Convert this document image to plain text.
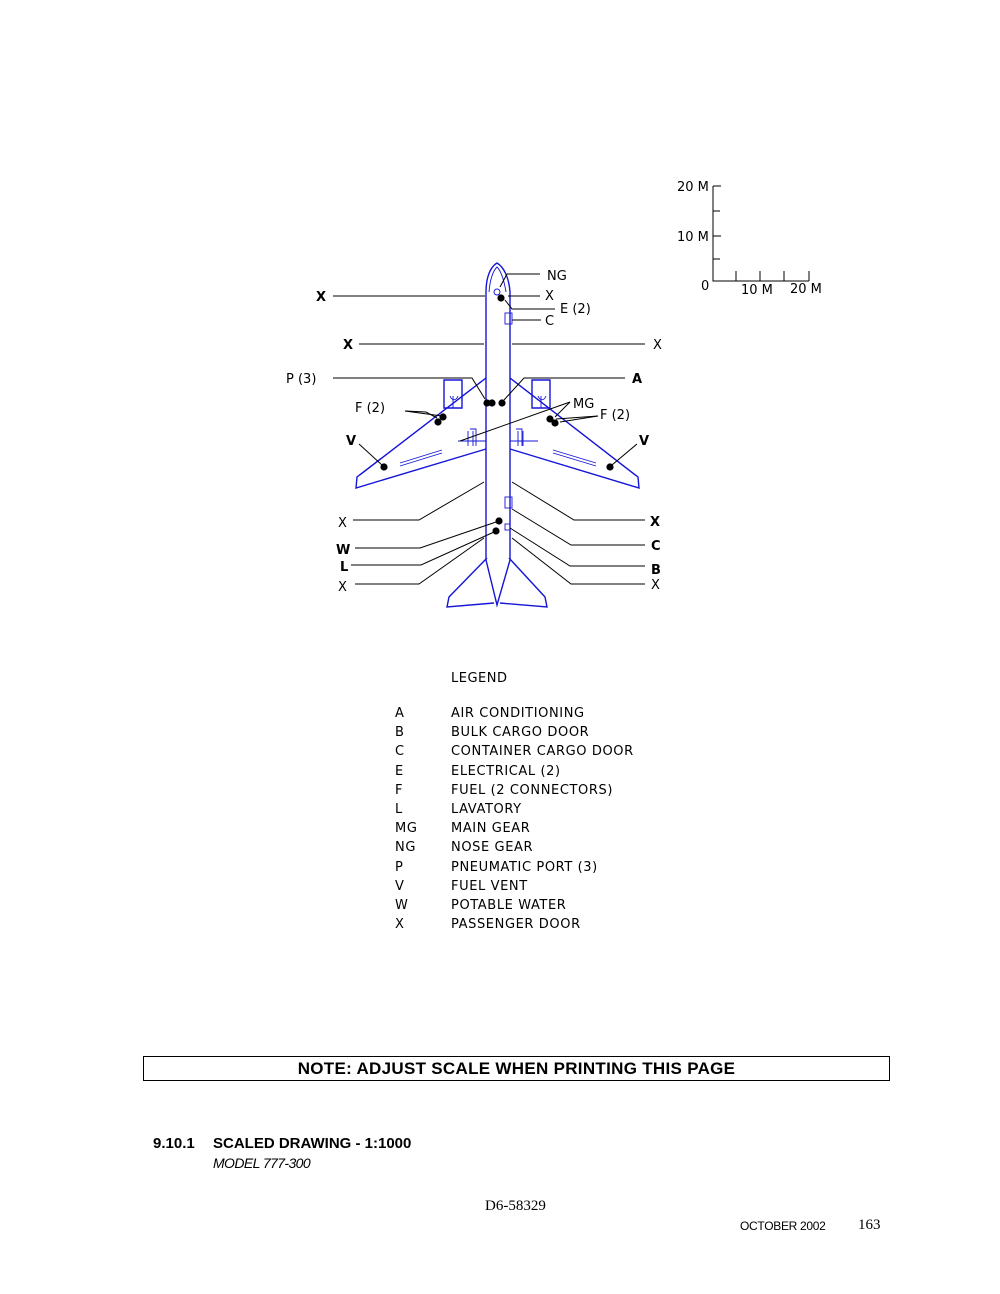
20 M
10 M
0 10 M 20 M
NG
X	X
E (2)
C
X	X
P (3)	A
F (2)	MG
F (2)
V	V
X	X
W	C
L	B
X	X
LEGEND
A	AIR CONDITIONING
B	BULK CARGO DOOR
C	CONTAINER CARGO DOOR
E	ELECTRICAL (2)
F	FUEL (2 CONNECTORS)
L	LAVATORY
MG	MAIN GEAR
NG	NOSE GEAR
P	PNEUMATIC PORT (3)
V	FUEL VENT
W	POTABLE WATER
X	PASSENGER DOOR
NOTE: ADJUST SCALE WHEN PRINTING THIS PAGE
9.10.1 SCALED DRAWING - 1:1000
MODEL 777-300
D6-58329
OCTOBER 2002 163
